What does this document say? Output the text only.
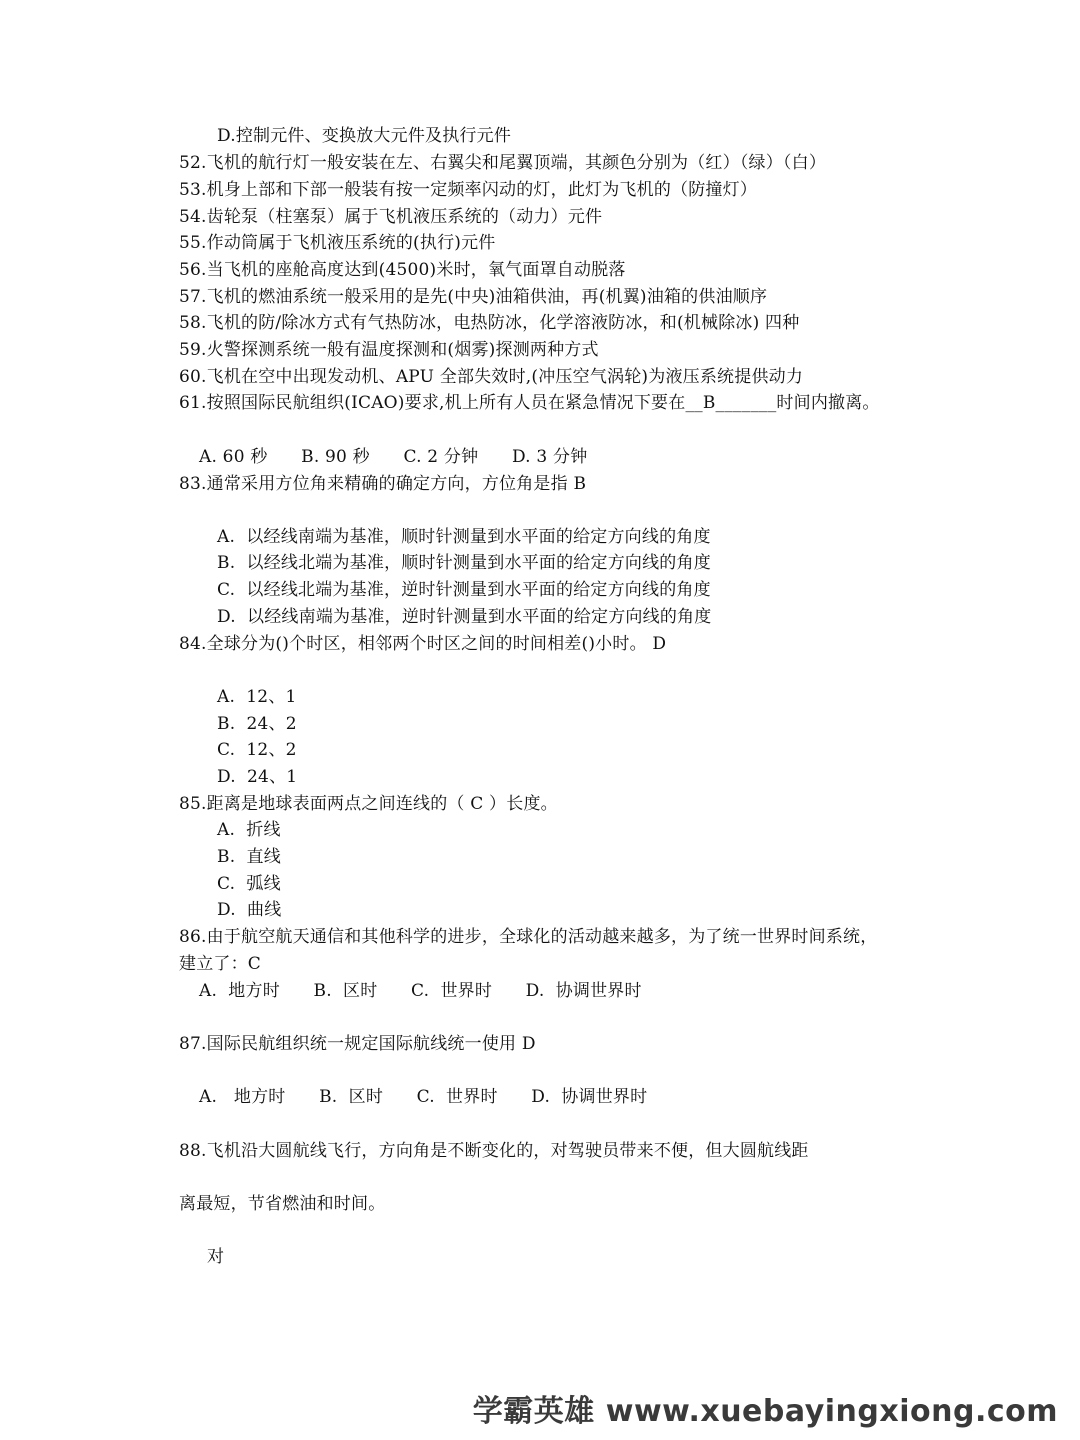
D.控制元件、变换放大元件及执行元件
52.飞机的航行灯一般安装在左、右翼尖和尾翼顶端，其颜色分别为（红）（绿）（白）
53.机身上部和下部一般装有按一定频率闪动的灯，此灯为飞机的（防撞灯）
54.齿轮泵（柱塞泵）属于飞机液压系统的（动力）元件
55.作动筒属于飞机液压系统的(执行)元件
56.当飞机的座舱高度达到(4500)米时，氧气面罩自动脱落
57.飞机的燃油系统一般采用的是先(中央)油箱供油，再(机翼)油箱的供油顺序
58.飞机的防/除冰方式有气热防冰，电热防冰，化学溶液防冰，和(机械除冰) 四种
59.火警探测系统一般有温度探测和(烟雾)探测两种方式
60.飞机在空中出现发动机、APU 全部失效时,(冲压空气涡轮)为液压系统提供动力
61.按照国际民航组织(ICAO)要求,机上所有人员在紧急情况下要在__B_______时间内撤离。
A. 60 秒      B. 90 秒      C. 2 分钟      D. 3 分钟
83.通常采用方位角来精确的确定方向，方位角是指 B
A.  以经线南端为基准，顺时针测量到水平面的给定方向线的角度
B.  以经线北端为基准，顺时针测量到水平面的给定方向线的角度
C.  以经线北端为基准，逆时针测量到水平面的给定方向线的角度
D.  以经线南端为基准，逆时针测量到水平面的给定方向线的角度
84.全球分为()个时区，相邻两个时区之间的时间相差()小时。 D
A.  12、1
B.  24、2
C.  12、2
D.  24、1
85.距离是地球表面两点之间连线的（ C ）长度。
A.  折线
B.  直线
C.  弧线
D.  曲线
86.由于航空航天通信和其他科学的进步，全球化的活动越来越多，为了统一世界时间系统，
建立了：C
A.  地方时      B.  区时      C.  世界时      D.  协调世界时
87.国际民航组织统一规定国际航线统一使用 D
A.   地方时      B.  区时      C.  世界时      D.  协调世界时
88.飞机沿大圆航线飞行，方向角是不断变化的，对驾驶员带来不便，但大圆航线距
离最短，节省燃油和时间。
对
学霸英雄 www.xuebayingxiong.com
